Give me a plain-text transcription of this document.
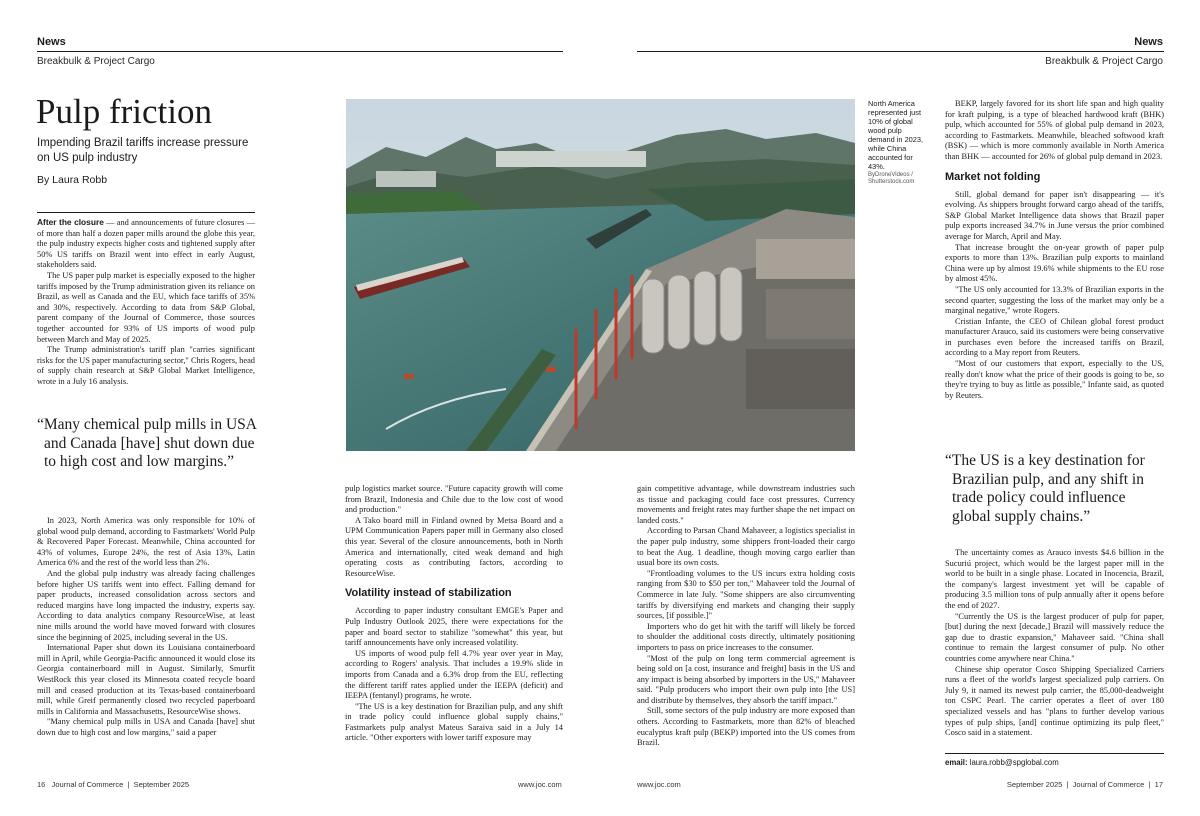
News
Breakbulk & Project Cargo
News
Breakbulk & Project Cargo
Pulp friction
Impending Brazil tariffs increase pressure on US pulp industry
By Laura Robb

After the closure — and announcements of future closures — of more than half a dozen paper mills around the globe this year, the pulp industry expects higher costs and tightened supply after 50% US tariffs on Brazil went into effect in early August, stakeholders said.

The US paper pulp market is especially exposed to the higher tariffs imposed by the Trump administration given its reliance on Brazil, as well as Canada and the EU, which face tariffs of 35% and 30%, respectively. According to data from S&P Global, parent company of the Journal of Commerce, those sources together accounted for 93% of US imports of wood pulp between March and May of 2025.

The Trump administration's tariff plan "carries significant risks for the US paper manufacturing sector," Chris Rogers, head of supply chain research at S&P Global Market Intelligence, wrote in a July 16 analysis.

“Many chemical pulp mills in USA and Canada [have] shut down due to high cost and low margins.”

In 2023, North America was only responsible for 10% of global wood pulp demand, according to Fastmarkets' World Pulp & Recovered Paper Forecast. Meanwhile, China accounted for 43% of volumes, Europe 24%, the rest of Asia 13%, Latin America 6% and the rest of the world less than 2%.

And the global pulp industry was already facing challenges before higher US tariffs went into effect. Falling demand for paper products, increased consolidation across sectors and reduced margins have long impacted the industry, experts say. According to data analytics company ResourceWise, at least nine mills around the world have moved forward with closures since the beginning of 2025, including several in the US.

International Paper shut down its Louisiana containerboard mill in April, while Georgia-Pacific announced it would close its Georgia containerboard mill in August. Similarly, Smurfit WestRock this year closed its Minnesota coated recycle board mill and ceased production at its Texas-based containerboard mill, while Greif permanently closed two recycled paperboard mills in California and Massachusetts, ResourceWise shows.

"Many chemical pulp mills in USA and Canada [have] shut down due to high cost and low margins," said a paper

North America represented just 10% of global wood pulp demand in 2023, while China accounted for 43%.
ByDroneVideos / Shutterstock.com

pulp logistics market source. "Future capacity growth will come from Brazil, Indonesia and Chile due to the low cost of wood and production."

A Tako board mill in Finland owned by Metsa Board and a UPM Communication Papers paper mill in Germany also closed this year. Several of the closure announcements, both in North America and internationally, cited weak demand and high operating costs as contributing factors, according to ResourceWise.

Volatility instead of stabilization

According to paper industry consultant EMGE's Paper and Pulp Industry Outlook 2025, there were expectations for the paper and board sector to stabilize "somewhat" this year, but tariff announcements have only increased volatility.

US imports of wood pulp fell 4.7% year over year in May, according to Rogers' analysis. That includes a 19.9% slide in imports from Canada and a 6.3% drop from the EU, reflecting the different tariff rates applied under the IEEPA (deficit) and IEEPA (fentanyl) programs, he wrote.

"The US is a key destination for Brazilian pulp, and any shift in trade policy could influence global supply chains," Fastmarkets pulp analyst Mateus Saraiva said in a July 14 article. "Other exporters with lower tariff exposure may

gain competitive advantage, while downstream industries such as tissue and packaging could face cost pressures. Currency movements and freight rates may further shape the net impact on landed costs."

According to Parsan Chand Mahaveer, a logistics specialist in the paper pulp industry, some shippers front-loaded their cargo to beat the Aug. 1 deadline, though moving cargo earlier than usual bore its own costs.

"Frontloading volumes to the US incurs extra holding costs ranging from $30 to $50 per ton," Mahaveer told the Journal of Commerce in late July. "Some shippers are also circumventing tariffs by diversifying end markets and changing their supply sources, [if possible.]"

Importers who do get hit with the tariff will likely be forced to shoulder the additional costs directly, ultimately positioning importers to pass on price increases to the consumer.

"Most of the pulp on long term commercial agreement is being sold on [a cost, insurance and freight] basis in the US and any impact is being absorbed by importers in the US," Mahaveer said. "Pulp producers who import their own pulp into [the US] and distribute by themselves, they absorb the tariff impact."

Still, some sectors of the pulp industry are more exposed than others. According to Fastmarkets, more than 82% of bleached eucalyptus kraft pulp (BEKP) imported into the US comes from Brazil.

BEKP, largely favored for its short life span and high quality for kraft pulping, is a type of bleached hardwood kraft (BHK) pulp, which accounted for 55% of global pulp demand in 2023, according to Fastmarkets. Meanwhile, bleached softwood kraft (BSK) — which is more commonly available in North America than BHK — accounted for 26% of global pulp demand in 2023.

Market not folding

Still, global demand for paper isn't disappearing — it's evolving. As shippers brought forward cargo ahead of the tariffs, S&P Global Market Intelligence data shows that Brazil paper pulp exports increased 34.7% in June versus the prior combined average for March, April and May.

That increase brought the on-year growth of paper pulp exports to more than 13%. Brazilian pulp exports to mainland China were up by almost 19.6% while shipments to the EU rose by almost 45%.

"The US only accounted for 13.3% of Brazilian exports in the second quarter, suggesting the loss of the market may only be a marginal negative," wrote Rogers.

Cristian Infante, the CEO of Chilean global forest product manufacturer Arauco, said its customers were being conservative in purchases even before the increased tariffs on Brazil, according to a May report from Reuters.

"Most of our customers that export, especially to the US, really don't know what the price of their goods is going to be, so they're trying to buy as little as possible," Infante said, as quoted by Reuters.

“The US is a key destination for Brazilian pulp, and any shift in trade policy could influence global supply chains.”

The uncertainty comes as Arauco invests $4.6 billion in the Sucuriú project, which would be the largest paper mill in the world to be built in a single phase. Located in Inocencia, Brazil, the company's largest investment yet will be capable of producing 3.5 million tons of pulp annually after it opens before the end of 2027.

"Currently the US is the largest producer of pulp for paper, [but] during the next [decade,] Brazil will massively reduce the gap due to drastic expansion," Mahaveer said. "China shall continue to remain the largest consumer of pulp. No other countries come anywhere near China."

Chinese ship operator Cosco Shipping Specialized Carriers runs a fleet of the world's largest specialized pulp carriers. On July 9, it named its newest pulp carrier, the 85,000-deadweight ton CSPC Pearl. The carrier operates a fleet of over 180 specialized vessels and has "plans to further develop various types of pulp ships, [and] continue optimizing its pulp fleet," Cosco said in a statement.

email: laura.robb@spglobal.com
16 Journal of Commerce | September 2025	www.joc.com	www.joc.com	September 2025 | Journal of Commerce | 17
